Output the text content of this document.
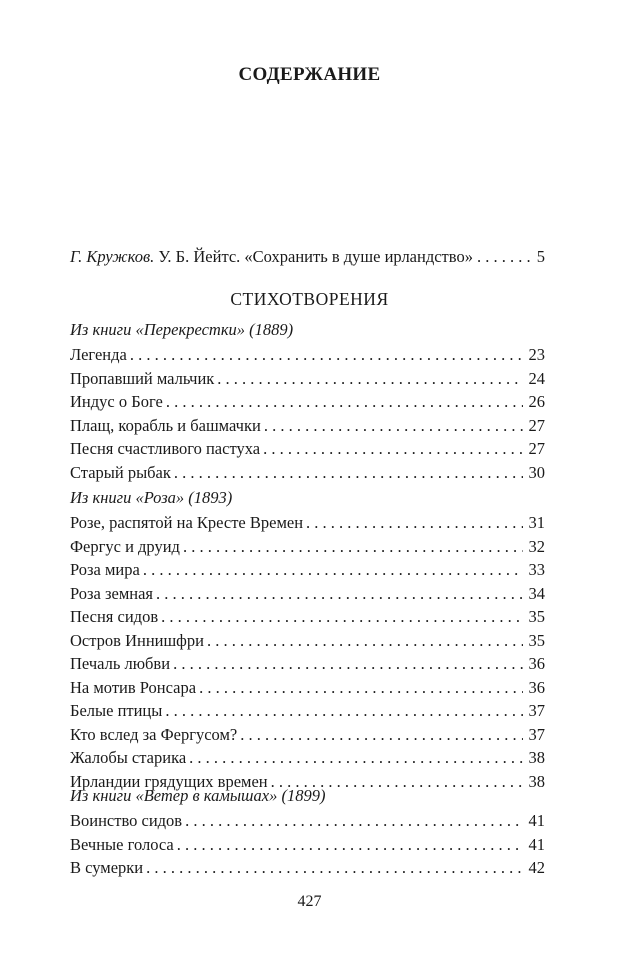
СОДЕРЖАНИЕ
Г. Кружков.
У. Б. Йейтс. «Сохранить в душе ирландство» . . .	5
СТИХОТВОРЕНИЯ
Из книги «Перекрестки» (1889)
Легенда . . .	23
Пропавший мальчик . . .	24
Индус о Боге . . .	26
Плащ, корабль и башмачки . . .	27
Песня счастливого пастуха . . .	27
Старый рыбак . . .	30
Из книги «Роза» (1893)
Розе, распятой на Кресте Времен . . .	31
Фергус и друид . . .	32
Роза мира . . .	33
Роза земная . . .	34
Песня сидов . . .	35
Остров Иннишфри . . .	35
Печаль любви . . .	36
На мотив Ронсара . . .	36
Белые птицы . . .	37
Кто вслед за Фергусом? . . .	37
Жалобы старика . . .	38
Ирландии грядущих времен . . .	38
Из книги «Ветер в камышах» (1899)
Воинство сидов . . .	41
Вечные голоса . . .	41
В сумерки . . .	42
427
